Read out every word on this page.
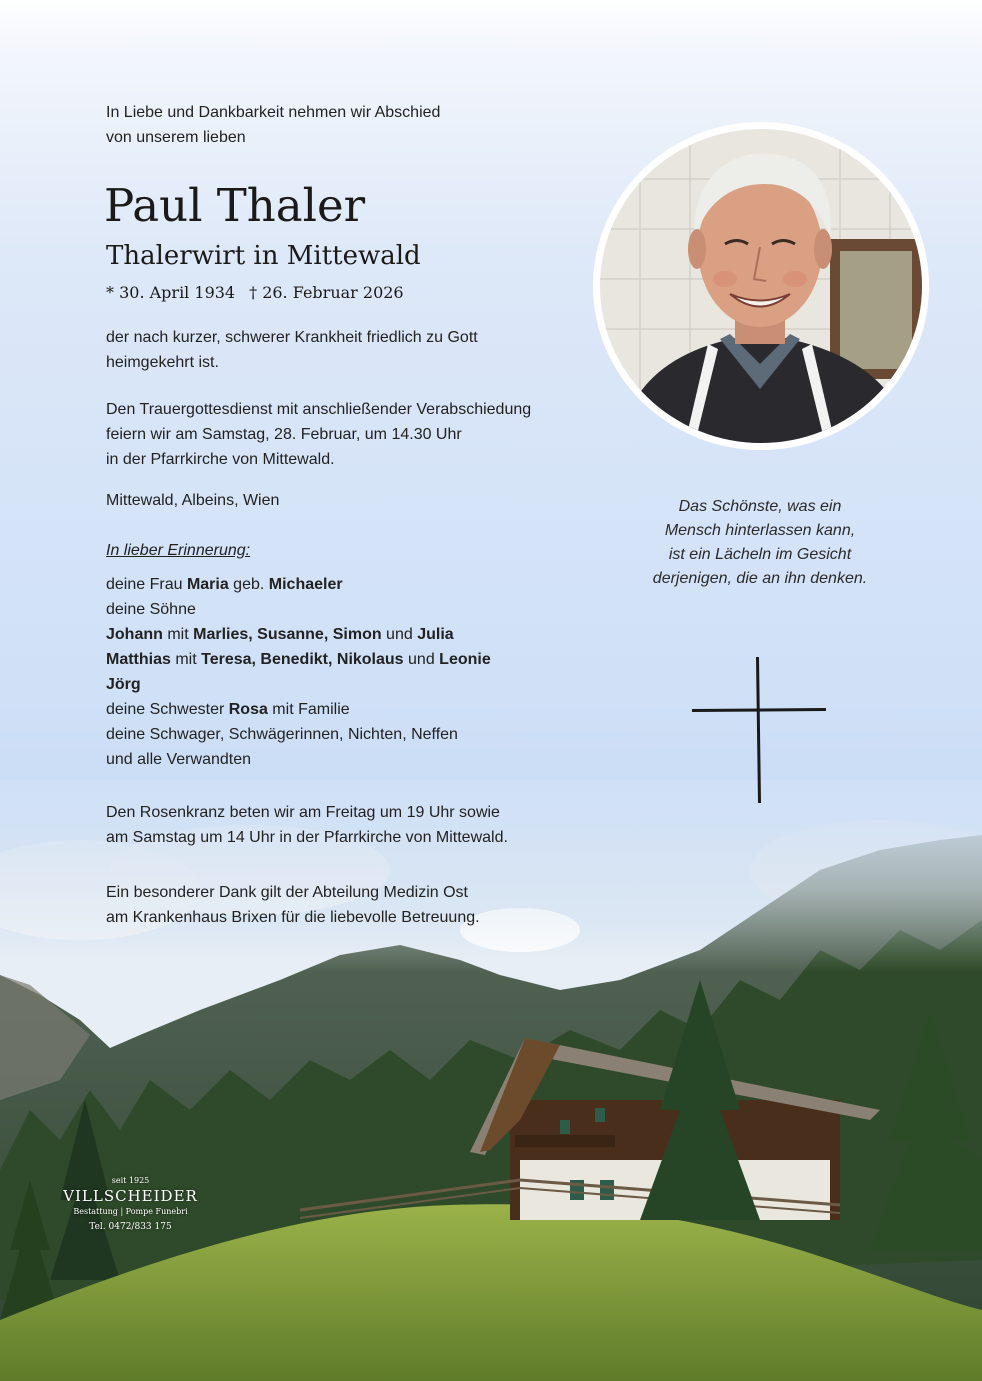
In Liebe und Dankbarkeit nehmen wir Abschied
von unserem lieben
Paul Thaler
Thalerwirt in Mittewald
* 30. April 1934 † 26. Februar 2026
der nach kurzer, schwerer Krankheit friedlich zu Gott
heimgekehrt ist.
Den Trauergottesdienst mit anschließender Verabschiedung
feiern wir am Samstag, 28. Februar, um 14.30 Uhr
in der Pfarrkirche von Mittewald.
Mittewald, Albeins, Wien
In lieber Erinnerung:
deine Frau Maria geb. Michaeler
deine Söhne
Johann mit Marlies, Susanne, Simon und Julia
Matthias mit Teresa, Benedikt, Nikolaus und Leonie
Jörg
deine Schwester Rosa mit Familie
deine Schwager, Schwägerinnen, Nichten, Neffen
und alle Verwandten
Den Rosenkranz beten wir am Freitag um 19 Uhr sowie
am Samstag um 14 Uhr in der Pfarrkirche von Mittewald.
Ein besonderer Dank gilt der Abteilung Medizin Ost
am Krankenhaus Brixen für die liebevolle Betreuung.
Das Schönste, was ein
Mensch hinterlassen kann,
ist ein Lächeln im Gesicht
derjenigen, die an ihn denken.
seit 1925
VILLSCHEIDER
Bestattung | Pompe Funebri
Tel. 0472/833 175
